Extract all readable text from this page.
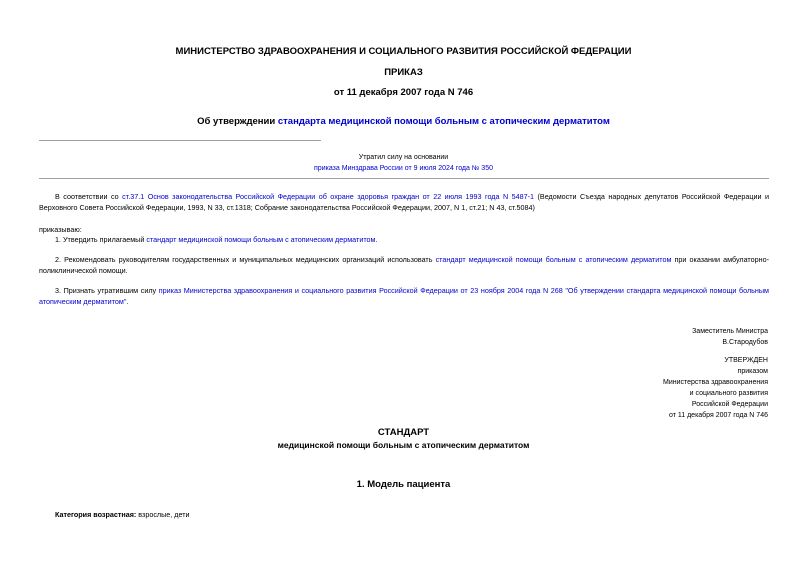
МИНИСТЕРСТВО ЗДРАВООХРАНЕНИЯ И СОЦИАЛЬНОГО РАЗВИТИЯ РОССИЙСКОЙ ФЕДЕРАЦИИ
ПРИКАЗ
от 11 декабря 2007 года N 746
Об утверждении стандарта медицинской помощи больным с атопическим дерматитом
Утратил силу на основании
приказа Минздрава России от 9 июля 2024 года № 350
В соответствии со ст.37.1 Основ законодательства Российской Федерации об охране здоровья граждан от 22 июля 1993 года N 5487-1 (Ведомости Съезда народных депутатов Российской Федерации и Верховного Совета Российской Федерации, 1993, N 33, ст.1318; Собрание законодательства Российской Федерации, 2007, N 1, ст.21; N 43, ст.5084)
приказываю:
1. Утвердить прилагаемый стандарт медицинской помощи больным с атопическим дерматитом.
2. Рекомендовать руководителям государственных и муниципальных медицинских организаций использовать стандарт медицинской помощи больным с атопическим дерматитом при оказании амбулаторно-поликлинической помощи.
3. Признать утратившим силу приказ Министерства здравоохранения и социального развития Российской Федерации от 23 ноября 2004 года N 268 "Об утверждении стандарта медицинской помощи больным атопическим дерматитом".
Заместитель Министра
В.Стародубов
УТВЕРЖДЕН
приказом
Министерства здравоохранения
и социального развития
Российской Федерации
от 11 декабря 2007 года N 746
СТАНДАРТ
медицинской помощи больным с атопическим дерматитом
1. Модель пациента
Категория возрастная: взрослые, дети
